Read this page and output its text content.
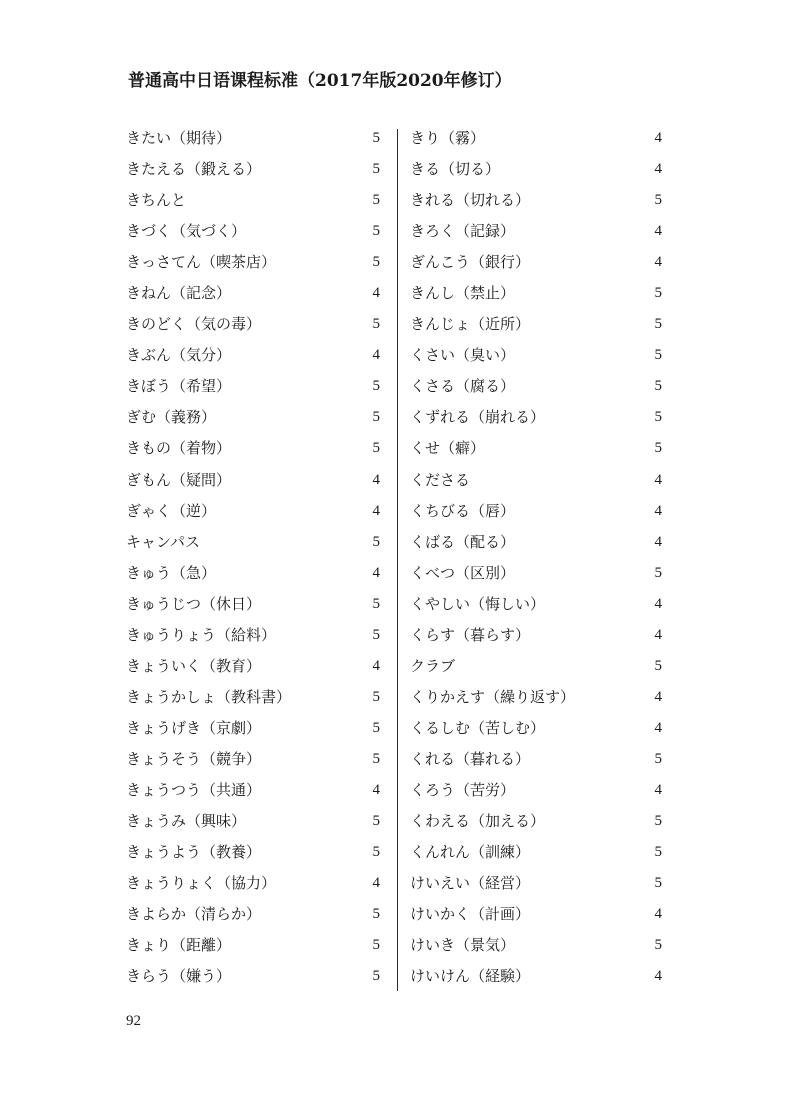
普通高中日语课程标准（2017年版2020年修订）
きたい（期待）	5 きり（霧）	4
きたえる（鍛える）	5 きる（切る）	4
きちんと	5 きれる（切れる）	5
きづく（気づく）	5 きろく（記録）	4
きっさてん（喫茶店）	5 ぎんこう（銀行）	4
きねん（記念）	4 きんし（禁止）	5
きのどく（気の毒）	5 きんじょ（近所）	5
きぶん（気分）	4 くさい（臭い）	5
きぼう（希望）	5 くさる（腐る）	5
ぎむ（義務）	5 くずれる（崩れる）	5
きもの（着物）	5 くせ（癖）	5
ぎもん（疑問）	4 くださる	4
ぎゃく（逆）	4 くちびる（唇）	4
キャンパス	5 くばる（配る）	4
きゅう（急）	4 くべつ（区別）	5
きゅうじつ（休日）	5 くやしい（悔しい）	4
きゅうりょう（給料）	5 くらす（暮らす）	4
きょういく（教育）	4 クラブ	5
きょうかしょ（教科書）	5 くりかえす（繰り返す）	4
きょうげき（京劇）	5 くるしむ（苦しむ）	4
きょうそう（競争）	5 くれる（暮れる）	5
きょうつう（共通）	4 くろう（苦労）	4
きょうみ（興味）	5 くわえる（加える）	5
きょうよう（教養）	5 くんれん（訓練）	5
きょうりょく（協力）	4 けいえい（経営）	5
きよらか（清らか）	5 けいかく（計画）	4
きょり（距離）	5 けいき（景気）	5
きらう（嫌う）	5 けいけん（経験）	4
92
